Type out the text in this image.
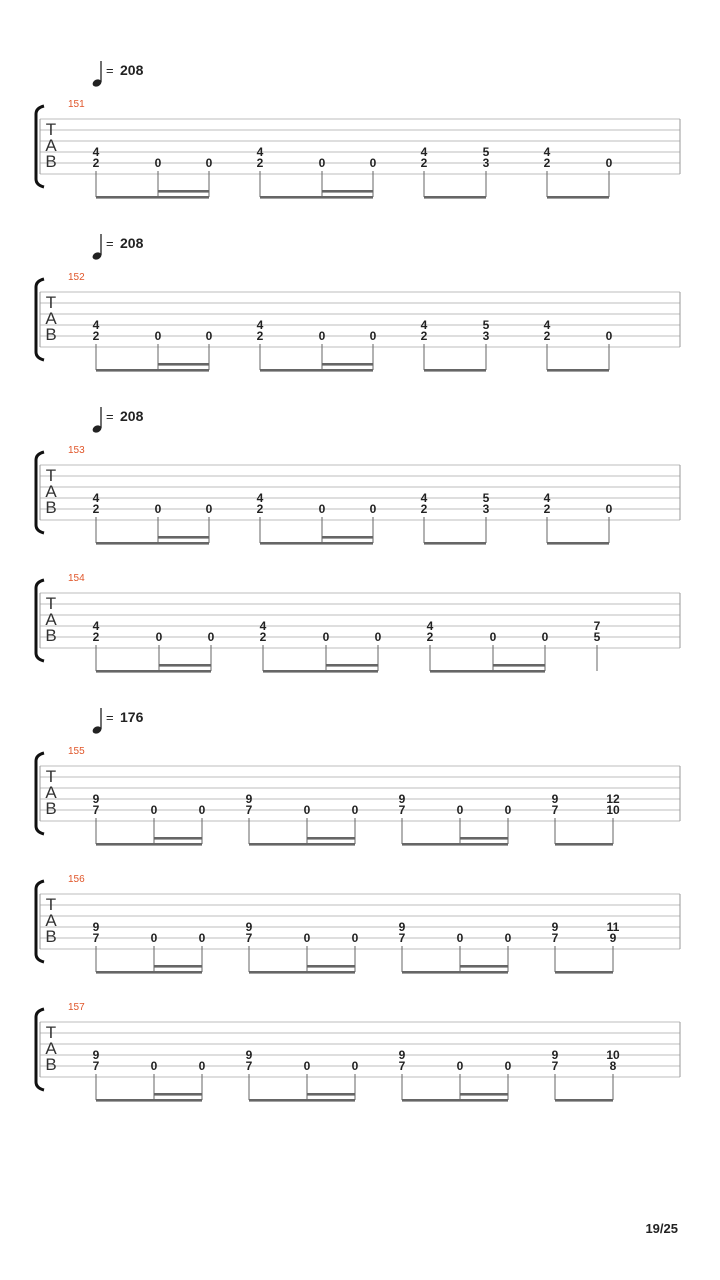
= 208
151
T
A
B	4
2	0	0
4
2	0	0
4
2
5
3
4
2	0
= 208
152
T
A
B	4
2	0	0
4
2	0	0
4
2
5
3
4
2	0
= 208
153
T
A
B	4
2	0	0
4
2	0	0
4
2
5
3
4
2	0
154
T
A
B	4
2	0	0
4
2	0	0
4
2	0	0
7
5
= 176
155
T
A
B	9
7	0	0
9
7	0	0
9
7	0	0
9
7
12
10
156
T
A
B	9
7	0	0
9
7	0	0
9
7	0	0
9
7
11
9
157
T
A
B	9
7	0	0
9
7	0	0
9
7	0	0
9
7
10
8
19/25
